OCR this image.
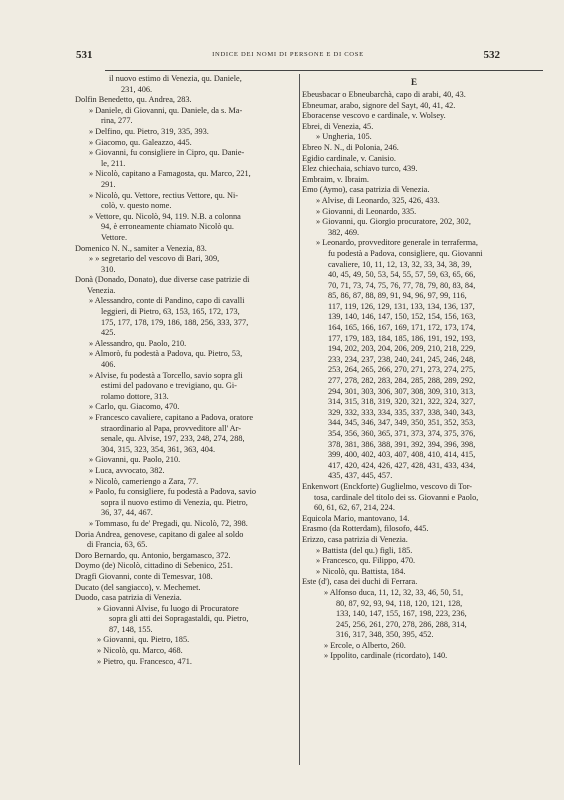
531	INDICE DEI NOMI DI PERSONE E DI COSE	532
il nuovo estimo di Venezia, qu. Daniele,
231, 406.
Dolfin Benedetto, qu. Andrea, 283.
» Daniele, di Giovanni, qu. Daniele, da s. Ma-
rina, 277.
» Delfino, qu. Pietro, 319, 335, 393.
» Giacomo, qu. Galeazzo, 445.
» Giovanni, fu consigliere in Cipro, qu. Danie-
le, 211.
» Nicolò, capitano a Famagosta, qu. Marco, 221,
291.
» Nicolò, qu. Vettore, rectius Vettore, qu. Ni-
colò, v. questo nome.
» Vettore, qu. Nicolò, 94, 119. N.B. a colonna
94, è erroneamente chiamato Nicolò qu.
Vettore.
Domenico N. N., samiter a Venezia, 83.
» » segretario del vescovo di Bari, 309,
310.
Donà (Donado, Donato), due diverse case patrizie di
Venezia.
» Alessandro, conte di Pandino, capo di cavalli
leggieri, di Pietro, 63, 153, 165, 172, 173,
175, 177, 178, 179, 186, 188, 256, 333, 377,
425.
» Alessandro, qu. Paolo, 210.
» Almorò, fu podestà a Padova, qu. Pietro, 53,
406.
» Alvise, fu podestà a Torcello, savio sopra gli
estimi del padovano e trevigiano, qu. Gi-
rolamo dottore, 313.
» Carlo, qu. Giacomo, 470.
» Francesco cavaliere, capitano a Padova, oratore
straordinario al Papa, provveditore all' Ar-
senale, qu. Alvise, 197, 233, 248, 274, 288,
304, 315, 323, 354, 361, 363, 404.
» Giovanni, qu. Paolo, 210.
» Luca, avvocato, 382.
» Nicolò, cameriengo a Zara, 77.
» Paolo, fu consigliere, fu podestà a Padova, savio
sopra il nuovo estimo di Venezia, qu. Pietro,
36, 37, 44, 467.
» Tommaso, fu de' Pregadi, qu. Nicolò, 72, 398.
Doria Andrea, genovese, capitano di galee al soldo
di Francia, 63, 65.
Doro Bernardo, qu. Antonio, bergamasco, 372.
Doymo (de) Nicolò, cittadino di Sebenico, 251.
Dragfi Giovanni, conte di Temesvar, 108.
Ducato (del sangiacco), v. Mechemet.
Duodo, casa patrizia di Venezia.
» Giovanni Alvise, fu luogo di Procuratore
sopra gli atti dei Sopragastaldi, qu. Pietro,
87, 148, 155.
» Giovanni, qu. Pietro, 185.
» Nicolò, qu. Marco, 468.
» Pietro, qu. Francesco, 471.
E
Ebeusbacar o Ebneubarchà, capo di arabi, 40, 43.
Ebneumar, arabo, signore del Sayt, 40, 41, 42.
Eboracense vescovo e cardinale, v. Wolsey.
Ebrei, di Venezia, 45.
» Ungheria, 105.
Ebreo N. N., di Polonia, 246.
Egidio cardinale, v. Canisio.
Elez chiechaia, schiavo turco, 439.
Embraim, v. Ibraim.
Emo (Aymo), casa patrizia di Venezia.
» Alvise, di Leonardo, 325, 426, 433.
» Giovanni, di Leonardo, 335.
» Giovanni, qu. Giorgio procuratore, 202, 302,
382, 469.
» Leonardo, provveditore generale in terraferma,
fu podestà a Padova, consigliere, qu. Giovanni
cavaliere, 10, 11, 12, 13, 32, 33, 34, 38, 39,
40, 45, 49, 50, 53, 54, 55, 57, 59, 63, 65, 66,
70, 71, 73, 74, 75, 76, 77, 78, 79, 80, 83, 84,
85, 86, 87, 88, 89, 91, 94, 96, 97, 99, 116,
117, 119, 126, 129, 131, 133, 134, 136, 137,
139, 140, 146, 147, 150, 152, 154, 156, 163,
164, 165, 166, 167, 169, 171, 172, 173, 174,
177, 179, 183, 184, 185, 186, 191, 192, 193,
194, 202, 203, 204, 206, 209, 210, 218, 229,
233, 234, 237, 238, 240, 241, 245, 246, 248,
253, 264, 265, 266, 270, 271, 273, 274, 275,
277, 278, 282, 283, 284, 285, 288, 289, 292,
294, 301, 303, 306, 307, 308, 309, 310, 313,
314, 315, 318, 319, 320, 321, 322, 324, 327,
329, 332, 333, 334, 335, 337, 338, 340, 343,
344, 345, 346, 347, 349, 350, 351, 352, 353,
354, 356, 360, 365, 371, 373, 374, 375, 376,
378, 381, 386, 388, 391, 392, 394, 396, 398,
399, 400, 402, 403, 407, 408, 410, 414, 415,
417, 420, 424, 426, 427, 428, 431, 433, 434,
435, 437, 445, 457.
Enkenwort (Enckforte) Guglielmo, vescovo di Tor-
tosa, cardinale del titolo dei ss. Giovanni e Paolo,
60, 61, 62, 67, 214, 224.
Equicola Mario, mantovano, 14.
Erasmo (da Rotterdam), filosofo, 445.
Erizzo, casa patrizia di Venezia.
» Battista (del qu.) figli, 185.
» Francesco, qu. Filippo, 470.
» Nicolò, qu. Battista, 184.
Este (d'), casa dei duchi di Ferrara.
» Alfonso duca, 11, 12, 32, 33, 46, 50, 51,
80, 87, 92, 93, 94, 118, 120, 121, 128,
133, 140, 147, 155, 167, 198, 223, 236,
245, 256, 261, 270, 278, 286, 288, 314,
316, 317, 348, 350, 395, 452.
» Ercole, o Alberto, 260.
» Ippolito, cardinale (ricordato), 140.
